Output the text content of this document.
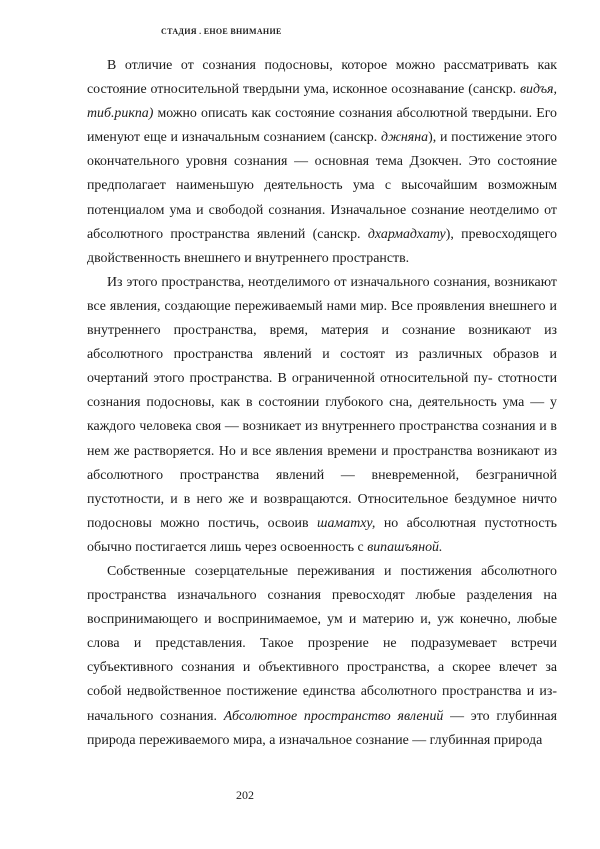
СТАДИЯ . ЕНОЕ ВНИМАНИЕ

В отличие от сознания подосновы, которое можно рассматривать как состояние относительной твердыни ума, исконное осознавание (санскр. видъя, тиб.рикпа) можно описать как состояние сознания абсолютной твердыни. Его именуют еще и изначальным сознанием (санскр. джняна), и постижение этого окончательного уровня сознания — основная тема Дзокчен. Это состояние предполагает наименьшую деятельность ума с высочайшим возможным потенциалом ума и свободой сознания. Изначальное сознание неотделимо от абсолютного пространства явлений (санскр. дхармадхату), превосходящего двойственность внешнего и внутреннего пространств.

Из этого пространства, неотделимого от изначального сознания, возникают все явления, создающие переживаемый нами мир. Все проявления внешнего и внутреннего пространства, время, материя и сознание возникают из абсолютного пространства явлений и состоят из различных образов и очертаний этого пространства. В ограниченной относительной пу- стотности сознания подосновы, как в состоянии глубокого сна, деятельность ума — у каждого человека своя — возникает из внутреннего пространства сознания и в нем же растворяется. Но и все явления времени и пространства возникают из абсолютного пространства явлений — вневременной, безграничной пустотности, и в него же и возвращаются. Относительное бездумное ничто подосновы можно постичь, освоив шаматху, но абсолютная пустотность обычно постигается лишь через освоенность с випашъяной.

Собственные созерцательные переживания и постижения абсолютного пространства изначального сознания превосходят любые разделения на воспринимающего и воспринимаемое, ум и материю и, уж конечно, любые слова и представления. Такое прозрение не подразумевает встречи субъективного сознания и объективного пространства, а скорее влечет за собой недвойственное постижение единства абсолютного пространства и изначального сознания. Абсолютное пространство явлений — это глубинная природа переживаемого мира, а изначальное сознание — глубинная природа

202
